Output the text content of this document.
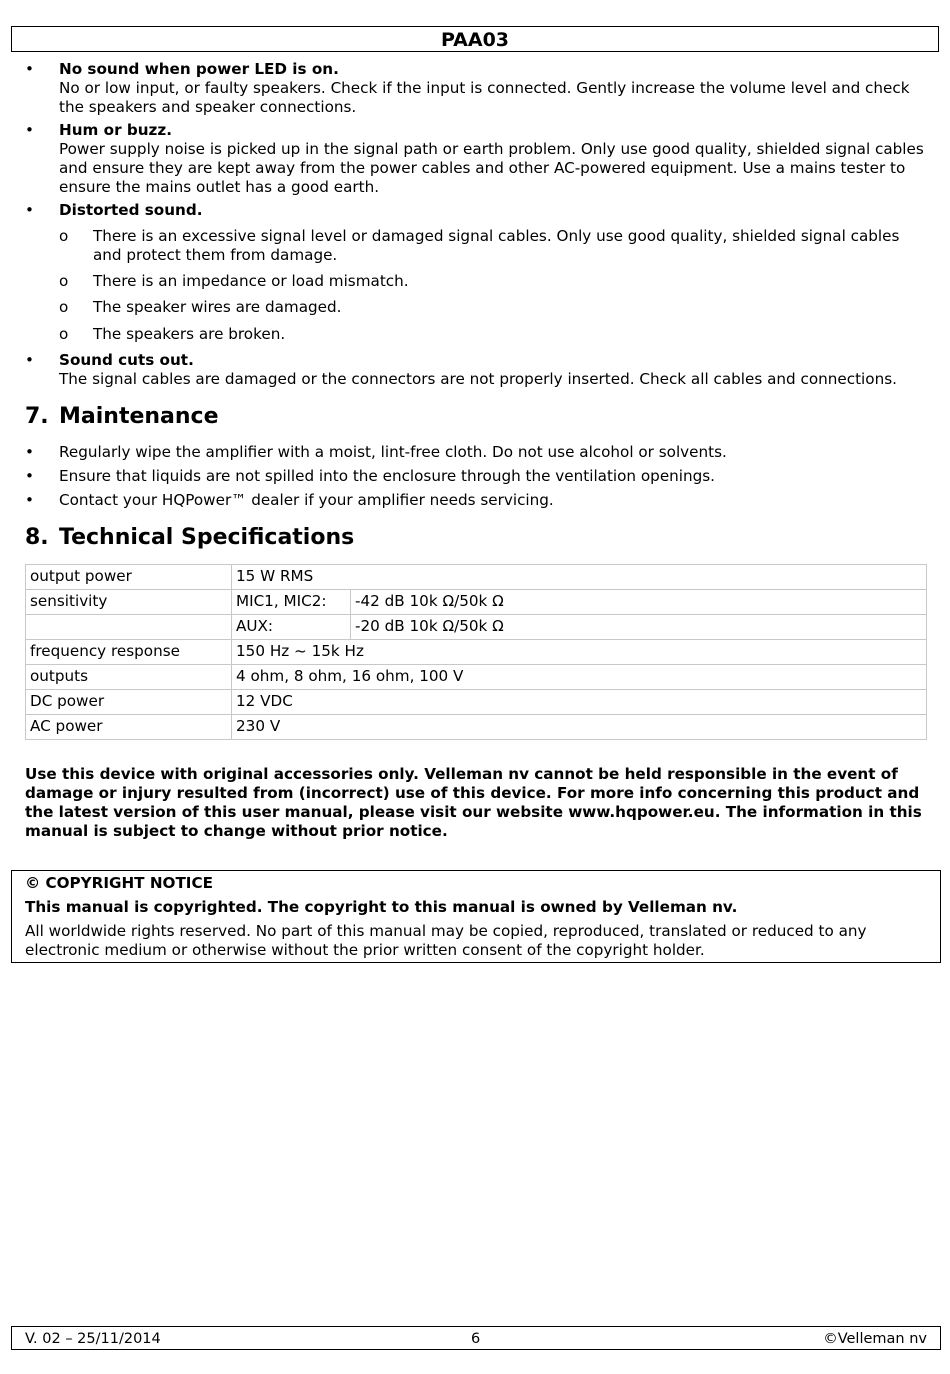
PAA03
•	No sound when power LED is on.
No or low input, or faulty speakers. Check if the input is connected. Gently increase the volume level and check the speakers and speaker connections.
•	Hum or buzz.
Power supply noise is picked up in the signal path or earth problem. Only use good quality, shielded signal cables and ensure they are kept away from the power cables and other AC-powered equipment. Use a mains tester to ensure the mains outlet has a good earth.
•	Distorted sound.
o There is an excessive signal level or damaged signal cables. Only use good quality, shielded signal cables and protect them from damage.
o There is an impedance or load mismatch.
o The speaker wires are damaged.
o The speakers are broken.
•	Sound cuts out.
The signal cables are damaged or the connectors are not properly inserted. Check all cables and connections.
7. Maintenance
•	Regularly wipe the amplifier with a moist, lint-free cloth. Do not use alcohol or solvents.
•	Ensure that liquids are not spilled into the enclosure through the ventilation openings.
•	Contact your HQPower™ dealer if your amplifier needs servicing.
8. Technical Specifications
output power	15 W RMS	
sensitivity	MIC1, MIC2:	-42 dB 10k Ω/50k Ω
	AUX:	-20 dB 10k Ω/50k Ω
frequency response	150 Hz ~ 15k Hz	
outputs	4 ohm, 8 ohm, 16 ohm, 100 V	
DC power	12 VDC	
AC power	230 V	
Use this device with original accessories only. Velleman nv cannot be held responsible in the event of damage or injury resulted from (incorrect) use of this device. For more info concerning this product and the latest version of this user manual, please visit our website www.hqpower.eu. The information in this manual is subject to change without prior notice.
© COPYRIGHT NOTICE
This manual is copyrighted. The copyright to this manual is owned by Velleman nv.
All worldwide rights reserved. No part of this manual may be copied, reproduced, translated or reduced to any electronic medium or otherwise without the prior written consent of the copyright holder.
V. 02 – 25/11/2014	6	©Velleman nv
